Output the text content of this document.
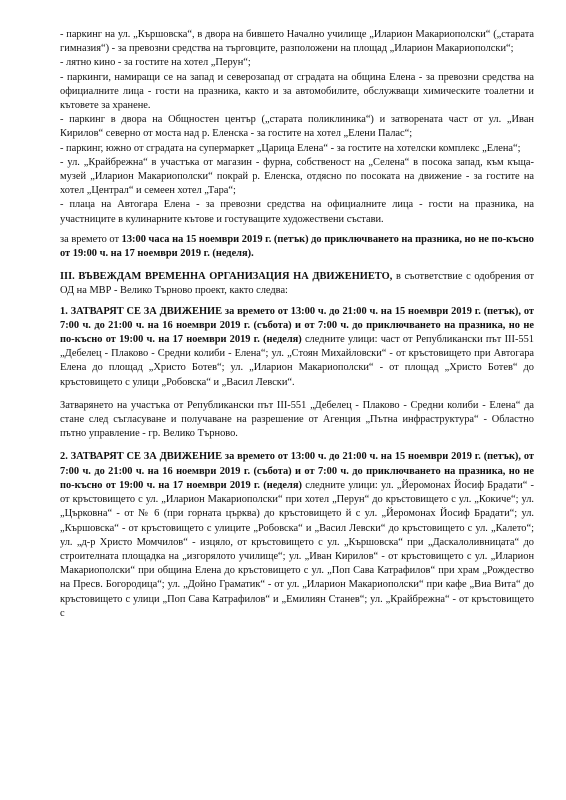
- паркинг на ул. „Кършовска“, в двора на бившето Начално училище „Иларион Макариополски“ („старата гимназия“) - за превозни средства на търговците, разположени на площад „Иларион Макариополски“;

- лятно кино - за гостите на хотел „Перун“;

- паркинги, намиращи се на запад и северозапад от сградата на община Елена - за превозни средства на официалните лица - гости на празника, както и за автомобилите, обслужващи химическите тоалетни и кътовете за хранене.

- паркинг в двора на Общностен център („старата поликлиника“) и затворената част от ул. „Иван Кирилов“ северно от моста над р. Еленска - за гостите на хотел „Елени Палас“;

- паркинг, южно от сградата на супермаркет „Царица Елена“ - за гостите на хотелски комплекс „Елена“;

- ул. „Крайбрежна“ в участъка от магазин - фурна, собственост на „Селена“ в посока запад, към къща-музей „Иларион Макариополски“ покрай р. Еленска, отдясно по посоката на движение - за гостите на хотел „Централ“ и семеен хотел „Тара“;

- плаца на Автогара Елена - за превозни средства на официалните лица - гости на празника, на участниците в кулинарните кътове и гостуващите художествени състави.

за времето от 13:00 часа на 15 ноември 2019 г. (петък) до приключването на празника, но не по-късно от 19:00 ч. на 17 ноември 2019 г. (неделя).

III. ВЪВЕЖДАМ ВРЕМЕННА ОРГАНИЗАЦИЯ НА ДВИЖЕНИЕТО, в съответствие с одобрения от ОД на МВР - Велико Търново проект, както следва:

1. ЗАТВАРЯТ СЕ ЗА ДВИЖЕНИЕ за времето от 13:00 ч. до 21:00 ч. на 15 ноември 2019 г. (петък), от 7:00 ч. до 21:00 ч. на 16 ноември 2019 г. (събота) и от 7:00 ч. до приключването на празника, но не по-късно от 19:00 ч. на 17 ноември 2019 г. (неделя) следните улици: част от Републикански път III-551 „Дебелец - Плаково - Средни колиби - Елена“; ул. „Стоян Михайловски“ - от кръстовището при Автогара Елена до площад „Христо Ботев“; ул. „Иларион Макариополски“ - от площад „Христо Ботев“ до кръстовището с улици „Робовска“ и „Васил Левски“.

Затварянето на участъка от Републикански път III-551 „Дебелец - Плаково - Средни колиби - Елена“ да стане след съгласуване и получаване на разрешение от Агенция „Пътна инфраструктура“ - Областно пътно управление - гр. Велико Търново.

2. ЗАТВАРЯТ СЕ ЗА ДВИЖЕНИЕ за времето от 13:00 ч. до 21:00 ч. на 15 ноември 2019 г. (петък), от 7:00 ч. до 21:00 ч. на 16 ноември 2019 г. (събота) и от 7:00 ч. до приключването на празника, но не по-късно от 19:00 ч. на 17 ноември 2019 г. (неделя) следните улици: ул. „Йеромонах Йосиф Брадати“ - от кръстовището с ул. „Иларион Макариополски“ при хотел „Перун“ до кръстовището с ул. „Кокиче“; ул. „Църковна“ - от № 6 (при горната църква) до кръстовището й с ул. „Йеромонах Йосиф Брадати“; ул. „Кършовска“ - от кръстовището с улиците „Робовска“ и „Васил Левски“ до кръстовището с ул. „Калето“; ул. „д-р Христо Момчилов“ - изцяло, от кръстовището с ул. „Кършовска“ при „Даскалоливницата“ до строителната площадка на „изгорялото училище“; ул. „Иван Кирилов“ - от кръстовището с ул. „Иларион Макариополски“ при община Елена до кръстовището с ул. „Поп Сава Катрафилов“ при храм „Рождество на Пресв. Богородица“; ул. „Дойно Граматик“ - от ул. „Иларион Макариополски“ при кафе „Виа Вита“ до кръстовището с улици „Поп Сава Катрафилов“ и „Емилиян Станев“; ул. „Крайбрежна“ - от кръстовището с
